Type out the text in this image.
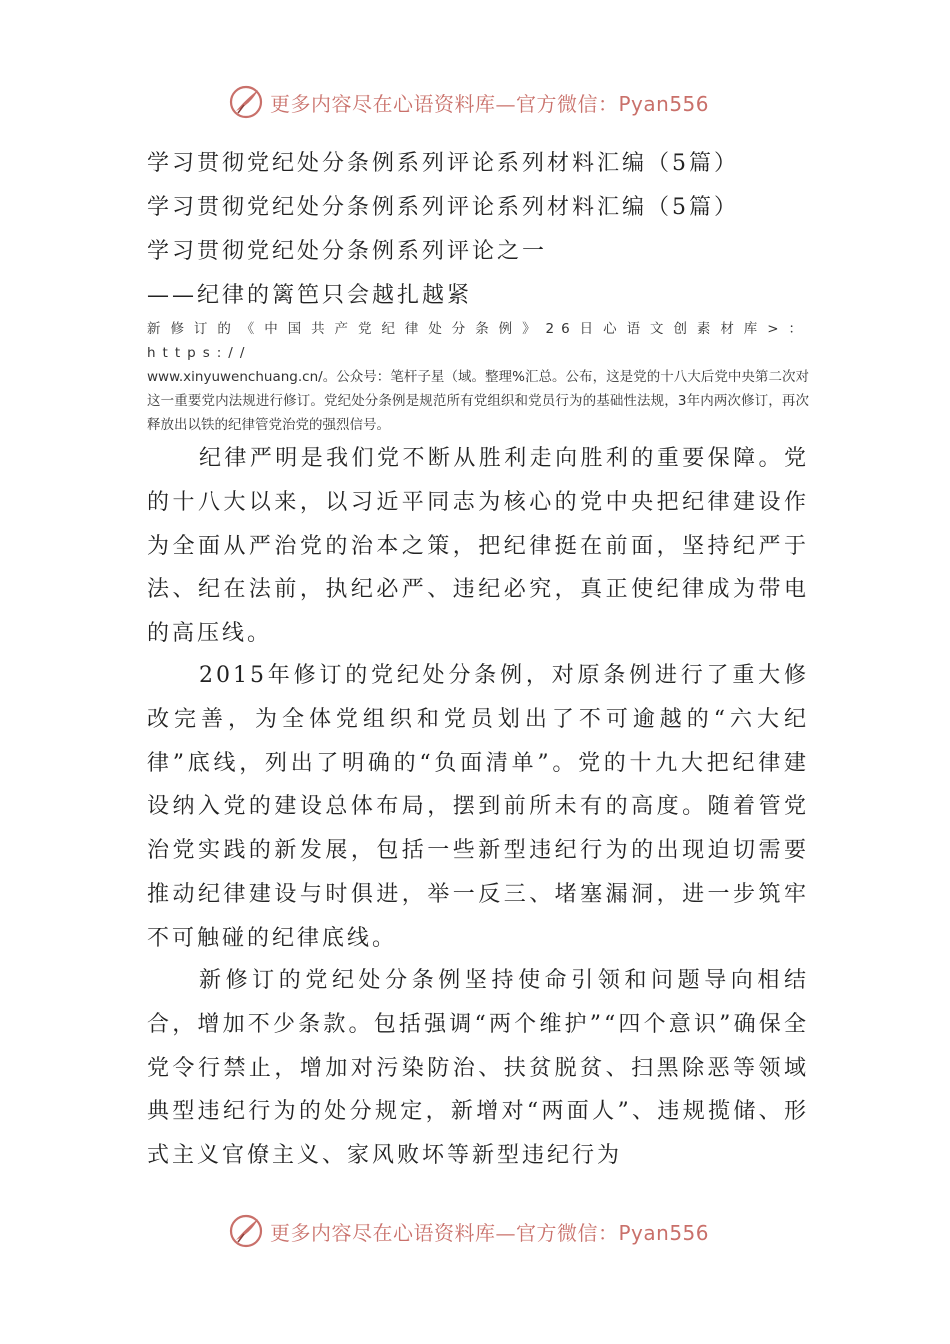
更多内容尽在心语资料库—官方微信：Pyan556
学习贯彻党纪处分条例系列评论系列材料汇编（5篇）
学习贯彻党纪处分条例系列评论系列材料汇编（5篇）
学习贯彻党纪处分条例系列评论之一
——纪律的篱笆只会越扎越紧
新修订的《中国共产党纪律处分条例》26日心语文创素材库>：https://
www.xinyuwenchuang.cn/。公众号：笔杆子星（域。整理%汇总。公布，这是党的十八大后党中央第二次对这一重要党内法规进行修订。党纪处分条例是规范所有党组织和党员行为的基础性法规，3年内两次修订，再次释放出以铁的纪律管党治党的强烈信号。
纪律严明是我们党不断从胜利走向胜利的重要保障。党的十八大以来，以习近平同志为核心的党中央把纪律建设作为全面从严治党的治本之策，把纪律挺在前面，坚持纪严于法、纪在法前，执纪必严、违纪必究，真正使纪律成为带电的高压线。
2015年修订的党纪处分条例，对原条例进行了重大修改完善，为全体党组织和党员划出了不可逾越的“六大纪律”底线，列出了明确的“负面清单”。党的十九大把纪律建设纳入党的建设总体布局，摆到前所未有的高度。随着管党治党实践的新发展，包括一些新型违纪行为的出现迫切需要推动纪律建设与时俱进，举一反三、堵塞漏洞，进一步筑牢不可触碰的纪律底线。
新修订的党纪处分条例坚持使命引领和问题导向相结合，增加不少条款。包括强调“两个维护”“四个意识”确保全党令行禁止，增加对污染防治、扶贫脱贫、扫黑除恶等领域典型违纪行为的处分规定，新增对“两面人”、违规揽储、形式主义官僚主义、家风败坏等新型违纪行为
更多内容尽在心语资料库—官方微信：Pyan556
